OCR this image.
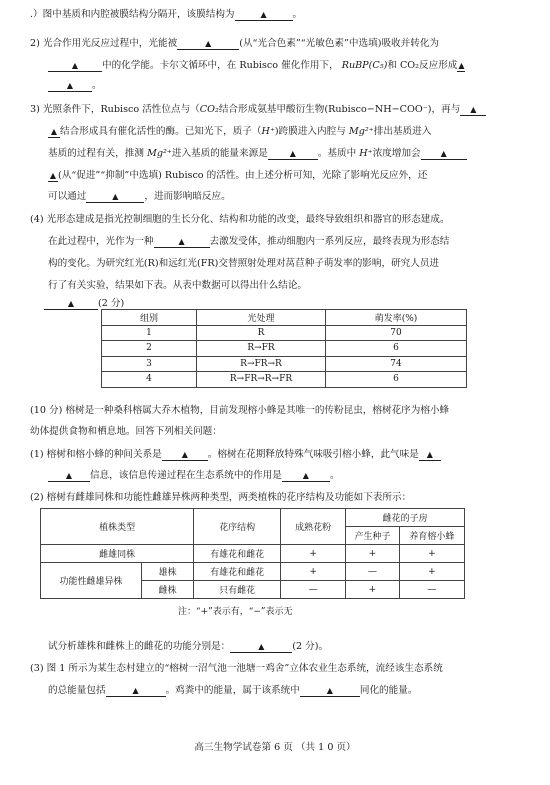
.）图中基质和内腔被膜结构分隔开，该膜结构为 ▲	。
2) 光合作用光反应过程中，光能被 ▲	(从“光合色素”“光敏色素”中选填)吸收并转化为
▲中的化学能。卡尔文循环中，在 Rubisco 催化作用下， RuBP(C₅)和 CO₂反应形成▲
▲。
3) 光照条件下，Rubisco 活性位点与（CO₂结合形成氨基甲酸衍生物(Rubisco−NH−COO⁻)，再与▲
▲结合形成具有催化活性的酶。已知光下，质子（H⁺)跨膜进入内腔与 Mg²⁺排出基质进入
基质的过程有关，推测 Mg²⁺进入基质的能量来源是 ▲	。基质中 H⁺浓度增加会▲
▲(从“促进”“抑制”中选填) Rubisco 的活性。由上述分析可知，光除了影响光反应外，还
可以通过 ▲	，进而影响暗反应。
(4) 光形态建成是指光控制细胞的生长分化、结构和功能的改变，最终导致组织和器官的形态建成。
在此过程中，光作为一种 ▲	去激发受体，推动细胞内一系列反应，最终表现为形态结
构的变化。为研究红光(R)和远红光(FR)交替照射处理对莴苣种子萌发率的影响，研究人员进
行了有关实验，结果如下表。从表中数据可以得出什么结论。
▲(2 分)
组别	光处理	萌发率(%)
1	R	70
2	R→FR	6
3	R→FR→R	74
4	R→FR→R→FR	6
(10 分) 榕树是一种桑科榕属大乔木植物，目前发现榕小蜂是其唯一的传粉昆虫，榕树花序为榕小蜂
幼体提供食物和栖息地。回答下列相关问题：
(1) 榕树和榕小蜂的种间关系是 ▲	。榕树在花期释放特殊气味吸引榕小蜂，此气味是▲
▲信息，该信息传递过程在生态系统中的作用是 ▲	。
(2) 榕树有雌雄同株和功能性雌雄异株两种类型，两类植株的花序结构及功能如下表所示：
植株类型		花序结构	成熟花粉	雌花的子房	
				产生种子	养育榕小蜂
雌雄同株		有雄花和雌花	+	+	+
功能性雌雄异株	雄株	有雄花和雌花	+	—	+
	雌株	只有雌花	—	+	—
注：“+”表示有，“−”表示无
试分析雄株和雌株上的雌花的功能分别是： ▲	(2 分)。
(3) 图 1 所示为某生态村建立的“榕树一沼气池一池塘一鸡舍”立体农业生态系统，流经该生态系统
的总能量包括 ▲	。鸡粪中的能量，属于该系统中 ▲	同化的能量。
高三生物学试卷第 6 页 （共 1 0 页）
